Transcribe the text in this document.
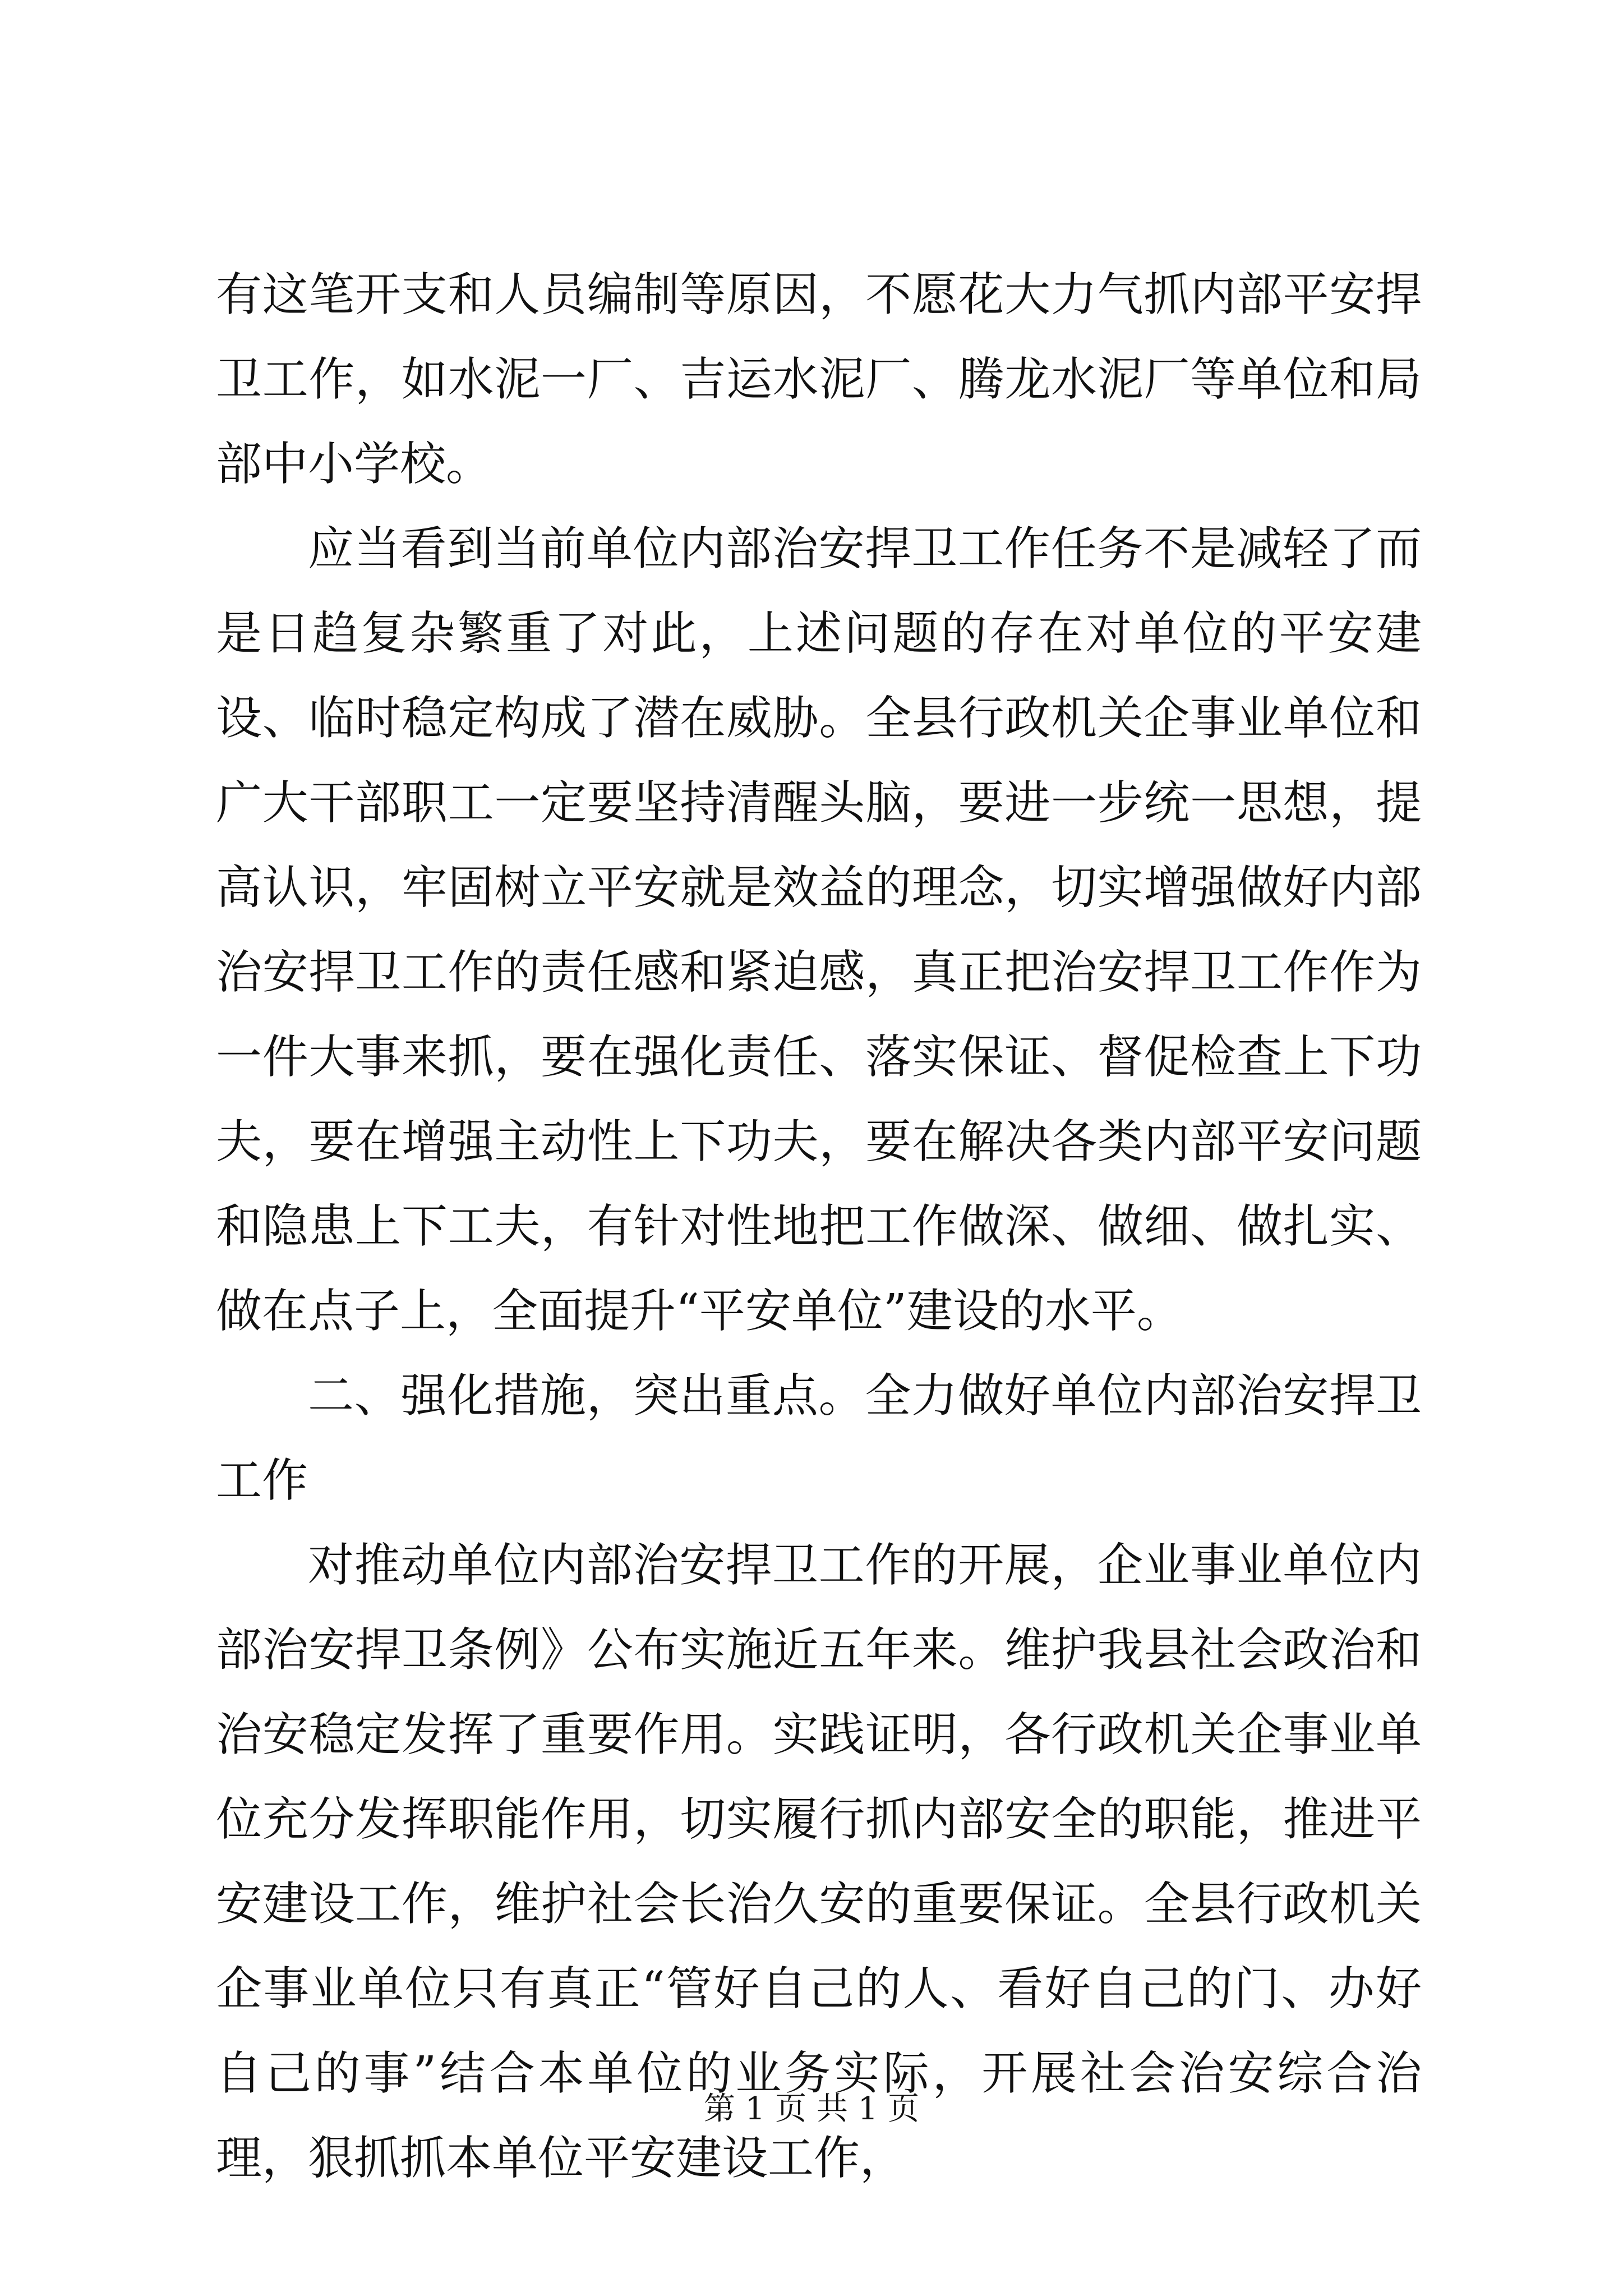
有这笔开支和人员编制等原因，不愿花大力气抓内部平安捍卫工作，如水泥一厂、吉运水泥厂、腾龙水泥厂等单位和局部中小学校。

应当看到当前单位内部治安捍卫工作任务不是减轻了而是日趋复杂繁重了对此，上述问题的存在对单位的平安建设、临时稳定构成了潜在威胁。全县行政机关企事业单位和广大干部职工一定要坚持清醒头脑，要进一步统一思想，提高认识，牢固树立平安就是效益的理念，切实增强做好内部治安捍卫工作的责任感和紧迫感，真正把治安捍卫工作作为一件大事来抓，要在强化责任、落实保证、督促检查上下功夫，要在增强主动性上下功夫，要在解决各类内部平安问题和隐患上下工夫，有针对性地把工作做深、做细、做扎实、做在点子上，全面提升“平安单位”建设的水平。

二、强化措施，突出重点。全力做好单位内部治安捍卫工作

对推动单位内部治安捍卫工作的开展，企业事业单位内部治安捍卫条例》公布实施近五年来。维护我县社会政治和治安稳定发挥了重要作用。实践证明，各行政机关企事业单位充分发挥职能作用，切实履行抓内部安全的职能，推进平安建设工作，维护社会长治久安的重要保证。全县行政机关企事业单位只有真正“管好自己的人、看好自己的门、办好自己的事”结合本单位的业务实际，开展社会治安综合治理，狠抓抓本单位平安建设工作，

第 1 页 共 1 页
